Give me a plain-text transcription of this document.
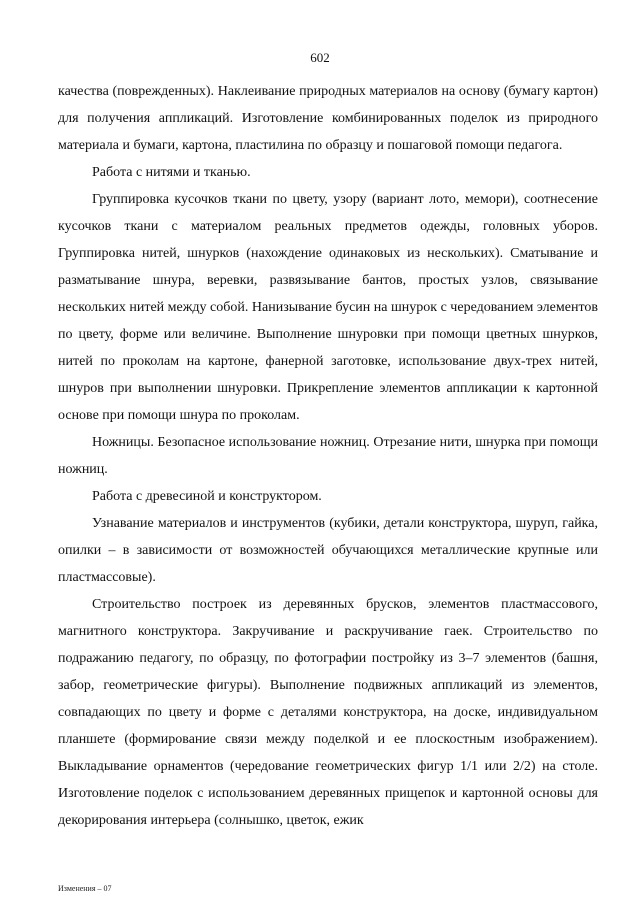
602

качества (поврежденных). Наклеивание природных материалов на основу (бумагу картон) для получения аппликаций. Изготовление комбинированных поделок из природного материала и бумаги, картона, пластилина по образцу и пошаговой помощи педагога.

Работа с нитями и тканью.

Группировка кусочков ткани по цвету, узору (вариант лото, мемори), соотнесение кусочков ткани с материалом реальных предметов одежды, головных уборов. Группировка нитей, шнурков (нахождение одинаковых из нескольких). Сматывание и разматывание шнура, веревки, развязывание бантов, простых узлов, связывание нескольких нитей между собой. Нанизывание бусин на шнурок с чередованием элементов по цвету, форме или величине. Выполнение шнуровки при помощи цветных шнурков, нитей по проколам на картоне, фанерной заготовке, использование двух-трех нитей, шнуров при выполнении шнуровки. Прикрепление элементов аппликации к картонной основе при помощи шнура по проколам.

Ножницы. Безопасное использование ножниц. Отрезание нити, шнурка при помощи ножниц.

Работа с древесиной и конструктором.

Узнавание материалов и инструментов (кубики, детали конструктора, шуруп, гайка, опилки – в зависимости от возможностей обучающихся металлические крупные или пластмассовые).

Строительство построек из деревянных брусков, элементов пластмассового, магнитного конструктора. Закручивание и раскручивание гаек. Строительство по подражанию педагогу, по образцу, по фотографии постройку из 3–7 элементов (башня, забор, геометрические фигуры). Выполнение подвижных аппликаций из элементов, совпадающих по цвету и форме с деталями конструктора, на доске, индивидуальном планшете (формирование связи между поделкой и ее плоскостным изображением). Выкладывание орнаментов (чередование геометрических фигур 1/1 или 2/2) на столе. Изготовление поделок с использованием деревянных прищепок и картонной основы для декорирования интерьера (солнышко, цветок, ежик

Изменения – 07
